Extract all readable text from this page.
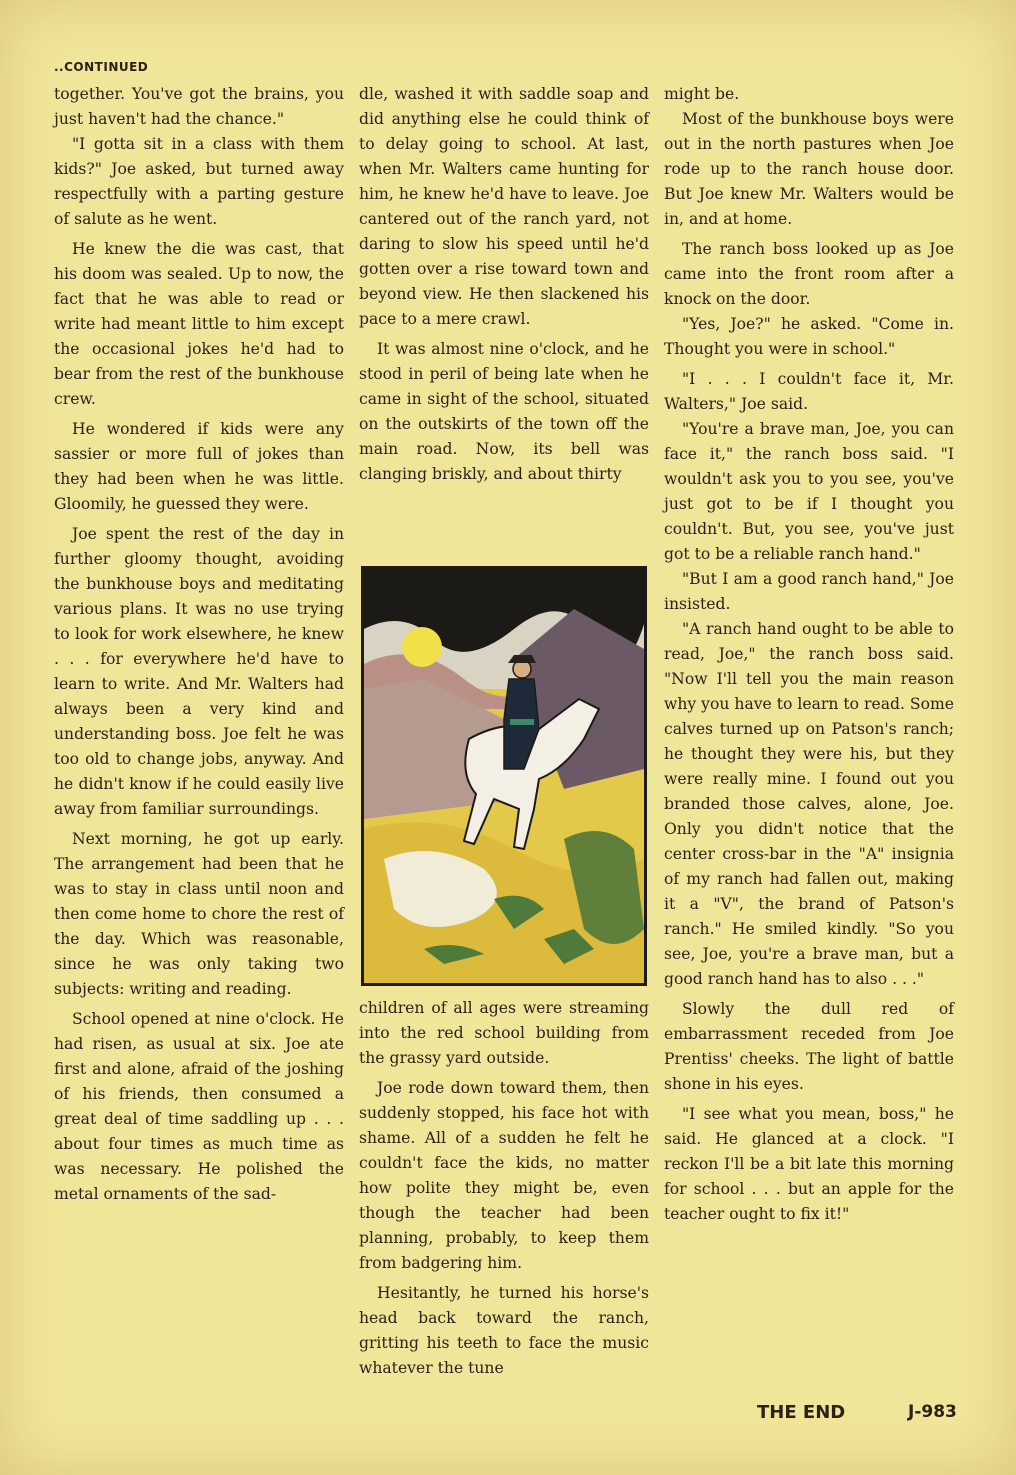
..CONTINUED

together. You've got the brains, you just haven't had the chance."

"I gotta sit in a class with them kids?" Joe asked, but turned away respectfully with a parting gesture of salute as he went.

He knew the die was cast, that his doom was sealed. Up to now, the fact that he was able to read or write had meant little to him except the occasional jokes he'd had to bear from the rest of the bunkhouse crew.

He wondered if kids were any sassier or more full of jokes than they had been when he was little. Gloomily, he guessed they were.

Joe spent the rest of the day in further gloomy thought, avoiding the bunkhouse boys and meditating various plans. It was no use trying to look for work elsewhere, he knew . . . for everywhere he'd have to learn to write. And Mr. Walters had always been a very kind and understanding boss. Joe felt he was too old to change jobs, anyway. And he didn't know if he could easily live away from familiar surroundings.

Next morning, he got up early. The arrangement had been that he was to stay in class until noon and then come home to chore the rest of the day. Which was reasonable, since he was only taking two subjects: writing and reading.

School opened at nine o'clock. He had risen, as usual at six. Joe ate first and alone, afraid of the joshing of his friends, then consumed a great deal of time saddling up . . . about four times as much time as was necessary. He polished the metal ornaments of the sad-

dle, washed it with saddle soap and did anything else he could think of to delay going to school. At last, when Mr. Walters came hunting for him, he knew he'd have to leave. Joe cantered out of the ranch yard, not daring to slow his speed until he'd gotten over a rise toward town and beyond view. He then slackened his pace to a mere crawl.

It was almost nine o'clock, and he stood in peril of being late when he came in sight of the school, situated on the outskirts of the town off the main road. Now, its bell was clanging briskly, and about thirty

children of all ages were streaming into the red school building from the grassy yard outside.

Joe rode down toward them, then suddenly stopped, his face hot with shame. All of a sudden he felt he couldn't face the kids, no matter how polite they might be, even though the teacher had been planning, probably, to keep them from badgering him.

Hesitantly, he turned his horse's head back toward the ranch, gritting his teeth to face the music whatever the tune

might be.

Most of the bunkhouse boys were out in the north pastures when Joe rode up to the ranch house door. But Joe knew Mr. Walters would be in, and at home.

The ranch boss looked up as Joe came into the front room after a knock on the door.

"Yes, Joe?" he asked. "Come in. Thought you were in school."

"I . . . I couldn't face it, Mr. Walters," Joe said.

"You're a brave man, Joe, you can face it," the ranch boss said. "I wouldn't ask you to you see, you've just got to be if I thought you couldn't. But, you see, you've just got to be a reliable ranch hand."

"But I am a good ranch hand," Joe insisted.

"A ranch hand ought to be able to read, Joe," the ranch boss said. "Now I'll tell you the main reason why you have to learn to read. Some calves turned up on Patson's ranch; he thought they were his, but they were really mine. I found out you branded those calves, alone, Joe. Only you didn't notice that the center cross-bar in the "A" insignia of my ranch had fallen out, making it a "V", the brand of Patson's ranch." He smiled kindly. "So you see, Joe, you're a brave man, but a good ranch hand has to also . . ."

Slowly the dull red of embarrassment receded from Joe Prentiss' cheeks. The light of battle shone in his eyes.

"I see what you mean, boss," he said. He glanced at a clock. "I reckon I'll be a bit late this morning for school . . . but an apple for the teacher ought to fix it!"

THE END	J-983
